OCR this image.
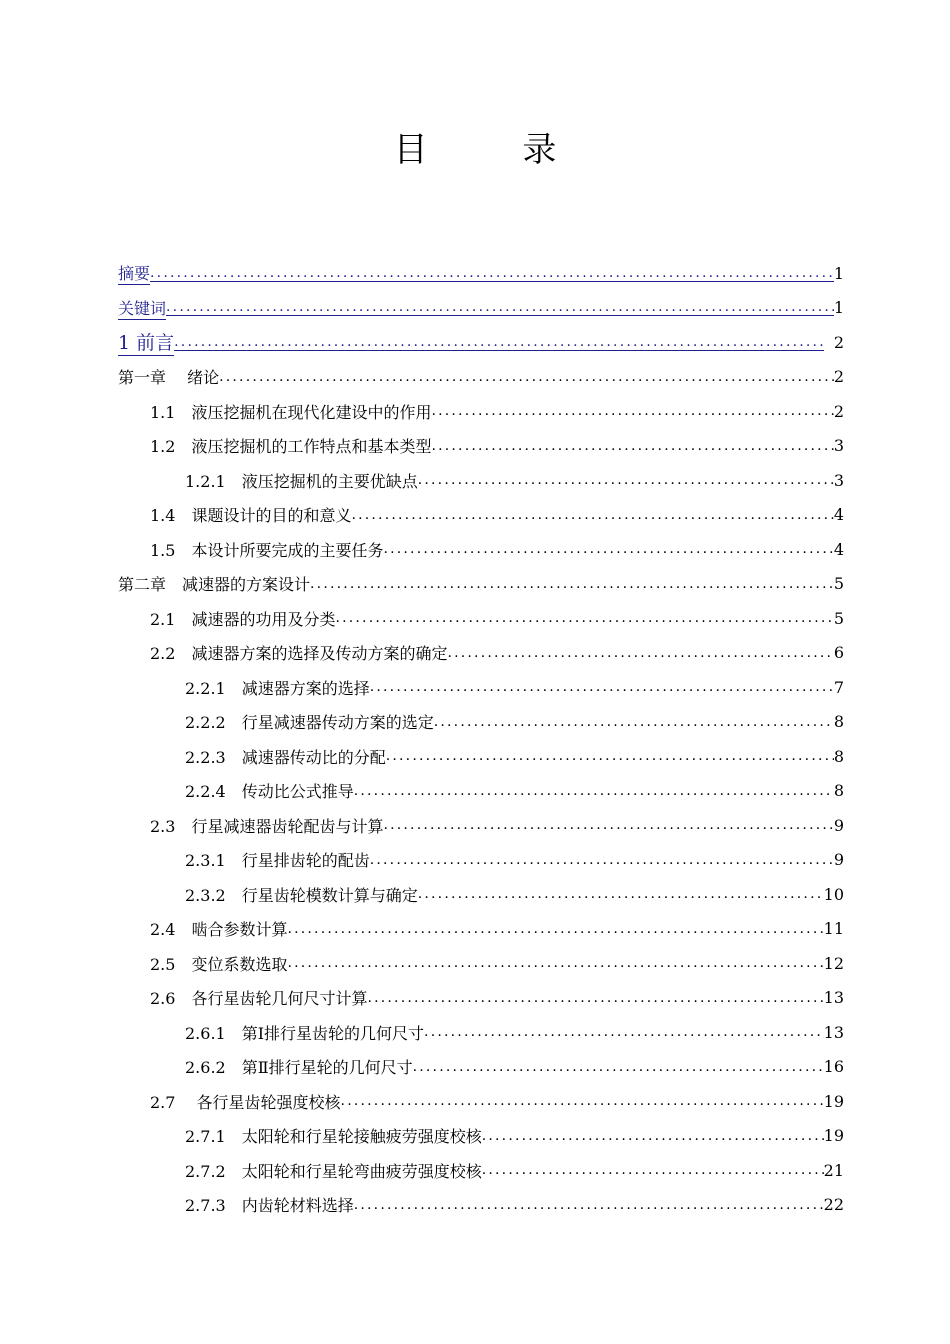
目 录
摘要 .....	1
关键词 .....	1
1 前言 .....	2
第一章　 绪论 .....	2
1.1　液压挖掘机在现代化建设中的作用 .....	2
1.2　液压挖掘机的工作特点和基本类型 .....	3
1.2.1　液压挖掘机的主要优缺点 .....	3
1.4　课题设计的目的和意义 .....	4
1.5　本设计所要完成的主要任务 .....	4
第二章　减速器的方案设计 .....	5
2.1　减速器的功用及分类 .....	5
2.2　减速器方案的选择及传动方案的确定 .....	6
2.2.1　减速器方案的选择 .....	7
2.2.2　行星减速器传动方案的选定 .....	8
2.2.3　减速器传动比的分配 .....	8
2.2.4　传动比公式推导 .....	8
2.3　行星减速器齿轮配齿与计算 .....	9
2.3.1　行星排齿轮的配齿 .....	9
2.3.2　行星齿轮模数计算与确定 .....	10
2.4　啮合参数计算 .....	11
2.5　变位系数选取 .....	12
2.6　各行星齿轮几何尺寸计算 .....	13
2.6.1　第Ⅰ排行星齿轮的几何尺寸 .....	13
2.6.2　第Ⅱ排行星轮的几何尺寸 .....	16
2.7　 各行星齿轮强度校核 .....	19
2.7.1　太阳轮和行星轮接触疲劳强度校核 .....	19
2.7.2　太阳轮和行星轮弯曲疲劳强度校核 .....	21
2.7.3　内齿轮材料选择 .....	22
